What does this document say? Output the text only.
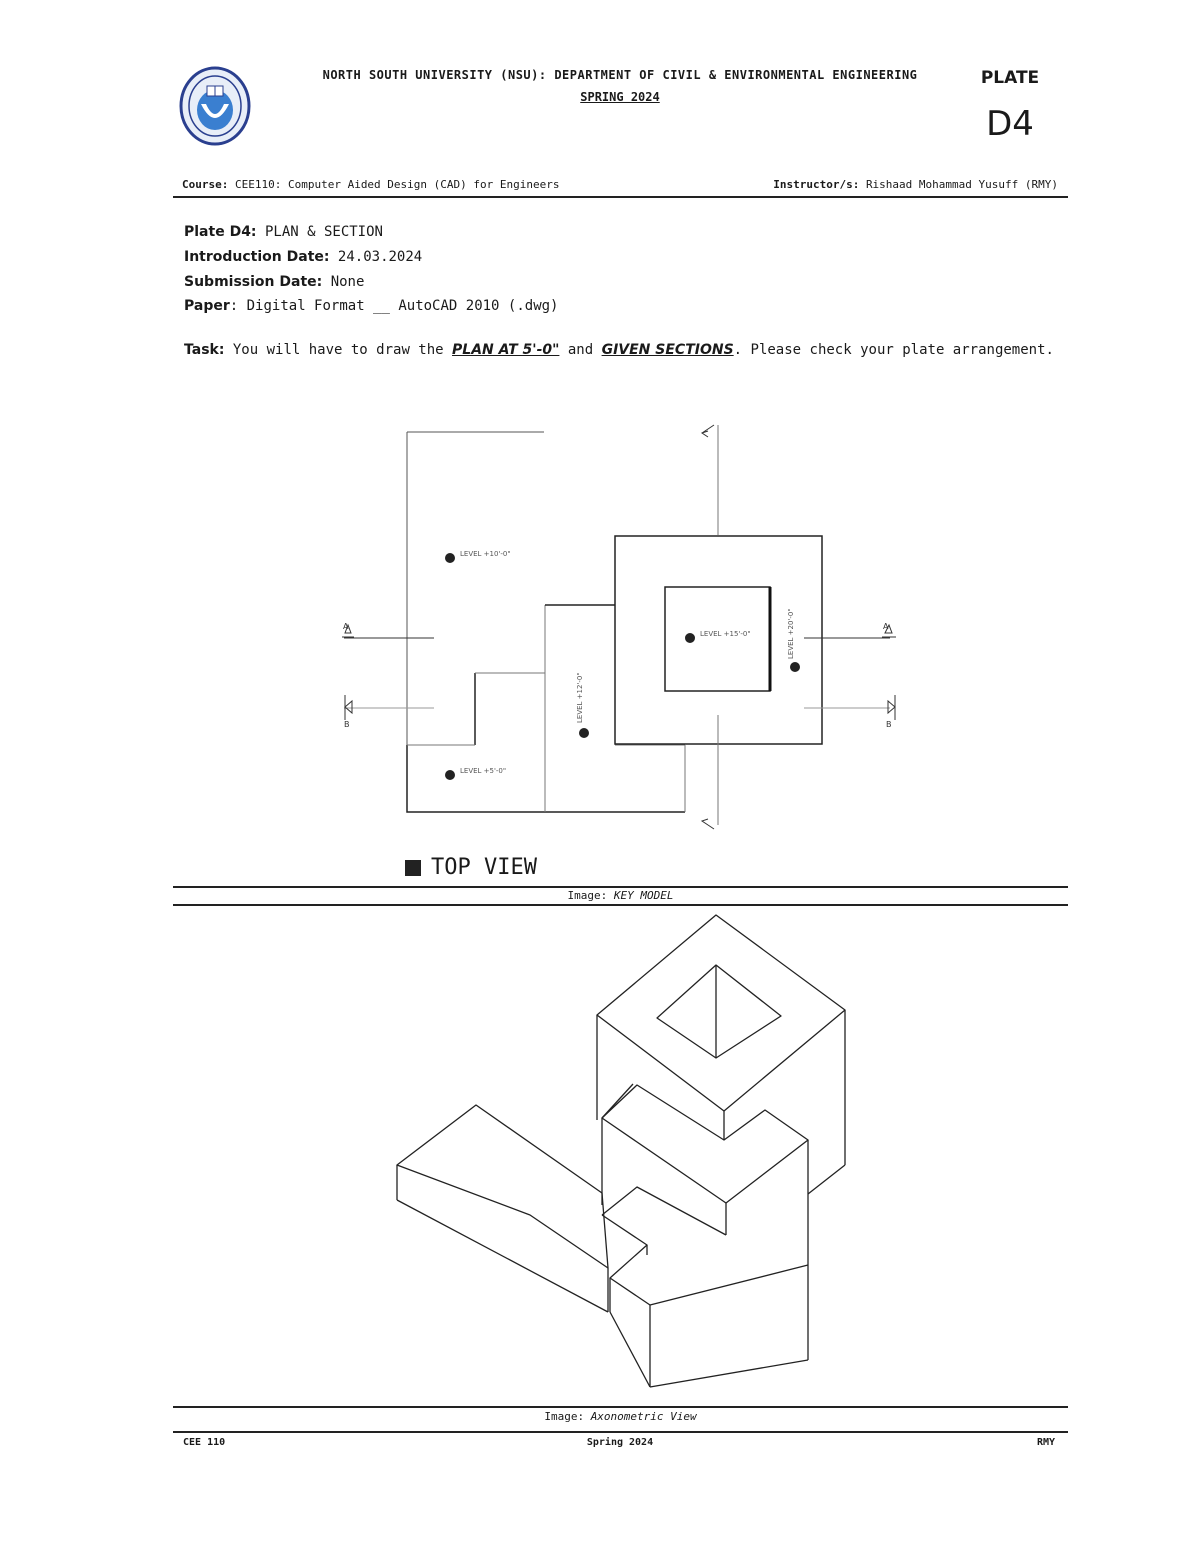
NORTH SOUTH UNIVERSITY (NSU): DEPARTMENT OF CIVIL & ENVIRONMENTAL ENGINEERING
SPRING 2024
PLATE
D4
Course: CEE110: Computer Aided Design (CAD) for Engineers	Instructor/s: Rishaad Mohammad Yusuff (RMY)
Plate D4: PLAN & SECTION
Introduction Date: 24.03.2024
Submission Date: None
Paper: Digital Format __ AutoCAD 2010 (.dwg)
Task: You will have to draw the PLAN AT 5'-0" and GIVEN SECTIONS. Please check your plate arrangement.
A	A
B	B
LEVEL +10'-0"
LEVEL +5'-0"
LEVEL +15'-0"
LEVEL +12'-0"
LEVEL +20'-0"
TOP VIEW
Image: KEY MODEL
Image: Axonometric View
CEE 110	Spring 2024	RMY
